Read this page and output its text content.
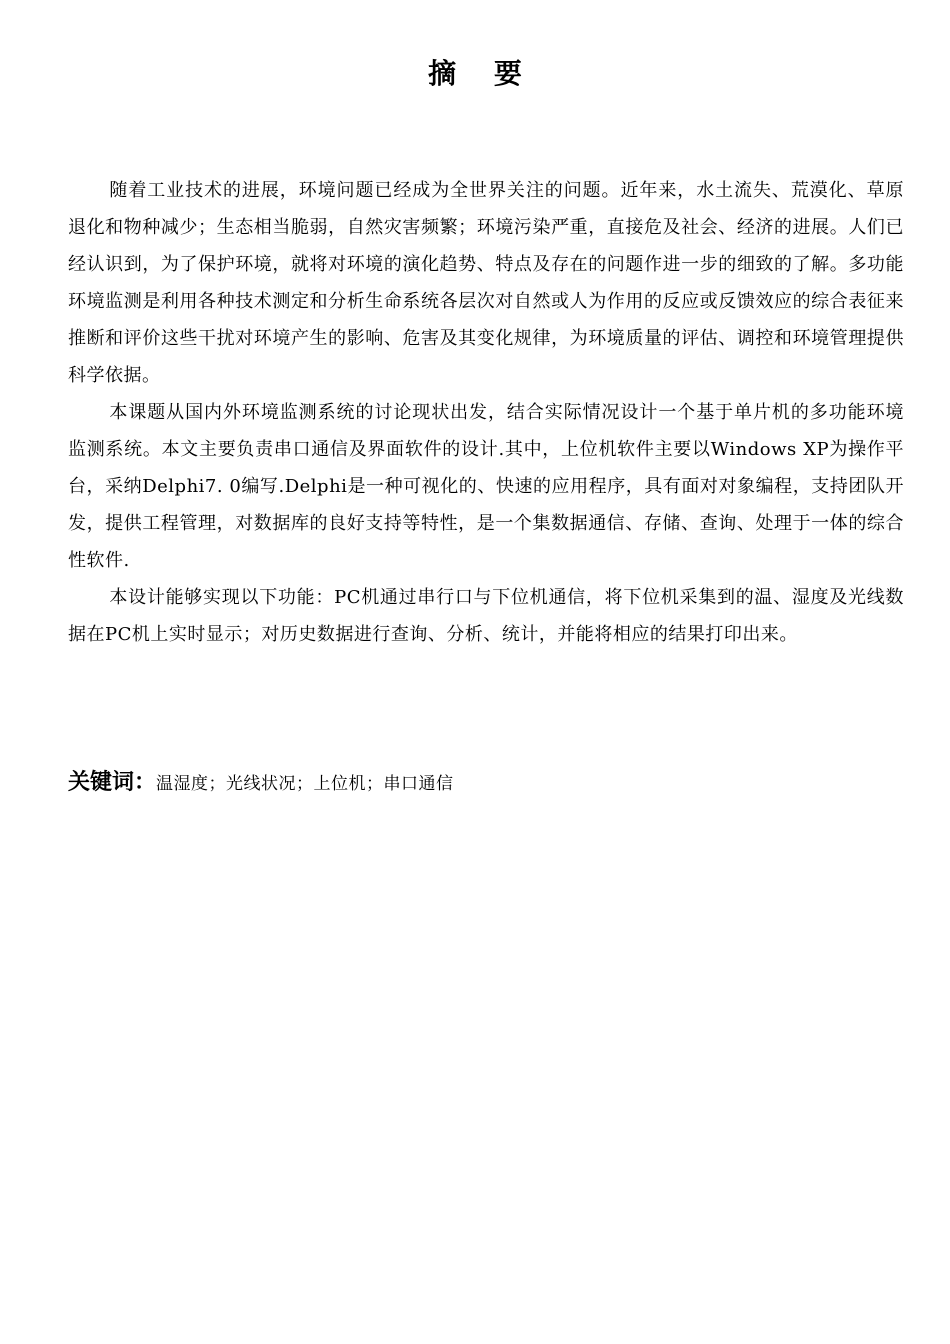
摘 要

随着工业技术的进展，环境问题已经成为全世界关注的问题。近年来，水土流失、荒漠化、草原退化和物种减少；生态相当脆弱，自然灾害频繁；环境污染严重，直接危及社会、经济的进展。人们已经认识到，为了保护环境，就将对环境的演化趋势、特点及存在的问题作进一步的细致的了解。多功能环境监测是利用各种技术测定和分析生命系统各层次对自然或人为作用的反应或反馈效应的综合表征来推断和评价这些干扰对环境产生的影响、危害及其变化规律，为环境质量的评估、调控和环境管理提供科学依据。

本课题从国内外环境监测系统的讨论现状出发，结合实际情况设计一个基于单片机的多功能环境监测系统。本文主要负责串口通信及界面软件的设计.其中，上位机软件主要以Windows XP为操作平台，采纳Delphi7. 0编写.Delphi是一种可视化的、快速的应用程序，具有面对对象编程，支持团队开发，提供工程管理，对数据库的良好支持等特性，是一个集数据通信、存储、查询、处理于一体的综合性软件.

本设计能够实现以下功能：PC机通过串行口与下位机通信，将下位机采集到的温、湿度及光线数据在PC机上实时显示；对历史数据进行查询、分析、统计，并能将相应的结果打印出来。

关键词：温湿度；光线状况；上位机；串口通信
